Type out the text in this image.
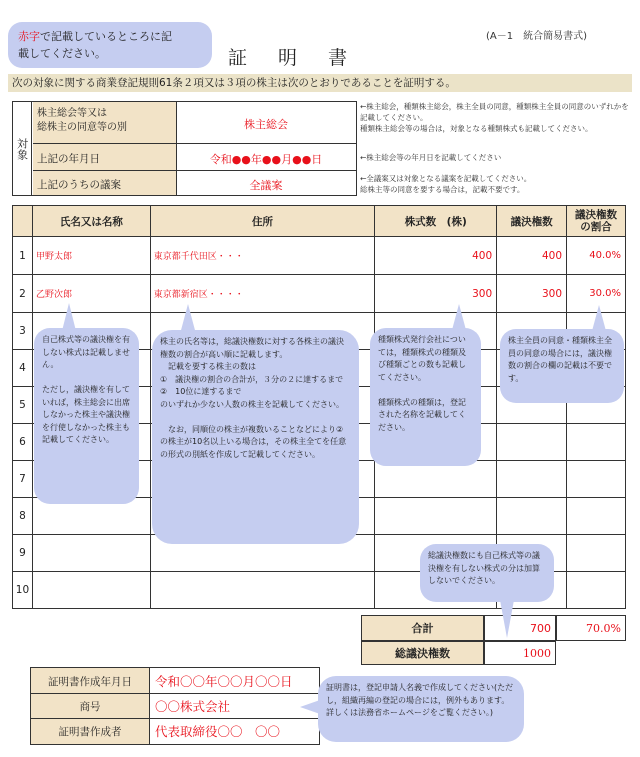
赤字で記載しているところに記
載してください。
(A－1　統合簡易書式)
証　明　書
次の対象に関する商業登記規則61条２項又は３項の株主は次のとおりであることを証明する。
対象
株主総会等又は
総株主の同意等の別	株主総会
上記の年月日	令和●●年●●月●●日
上記のうちの議案	全議案
←株主総会，種類株主総会，株主全員の同意，種類株主全員の同意のいずれかを記載してください。
種類株主総会等の場合は，対象となる種類株式も記載してください。
←株主総会等の年月日を記載してください
←全議案又は対象となる議案を記載してください。
総株主等の同意を要する場合は，記載不要です。
	氏名又は名称	住所	株式数　(株)	議決権数	議決権数
の割合
1	甲野太郎	東京都千代田区・・・	400	400	40.0%
2	乙野次郎	東京都新宿区・・・・	300	300	30.0%
3					
4					
5					
6					
7					
8					
9					
10					
合計	700	70.0%
総議決権数	1000
証明書作成年月日	令和〇〇年〇〇月〇〇日
商号	〇〇株式会社
証明書作成者	代表取締役〇〇　〇〇
自己株式等の議決権を有しない株式は記載しません。

ただし，議決権を有していれば，株主総会に出席しなかった株主や議決権を行使しなかった株主も記載してください。
株主の氏名等は，総議決権数に対する各株主の議決権数の割合が高い順に記載します。
　記載を要する株主の数は
①　議決権の割合の合計が，３分の２に達するまで
②　10位に達するまで
のいずれか少ない人数の株主を記載してください。

　なお，同順位の株主が複数いることなどにより②の株主が10名以上いる場合は，その株主全てを任意の形式の別紙を作成して記載してください。
種類株式発行会社については，種類株式の種類及び種類ごとの数も記載してください。

種類株式の種類は，登記された名称を記載してください。
株主全員の同意・種類株主全員の同意の場合には，議決権数の割合の欄の記載は不要です。
総議決権数にも自己株式等の議決権を有しない株式の分は加算しないでください。
証明書は，登記申請人名義で作成してください(ただし，組織再編の登記の場合には，例外もあります。詳しくは法務省ホームページをご覧ください。)
